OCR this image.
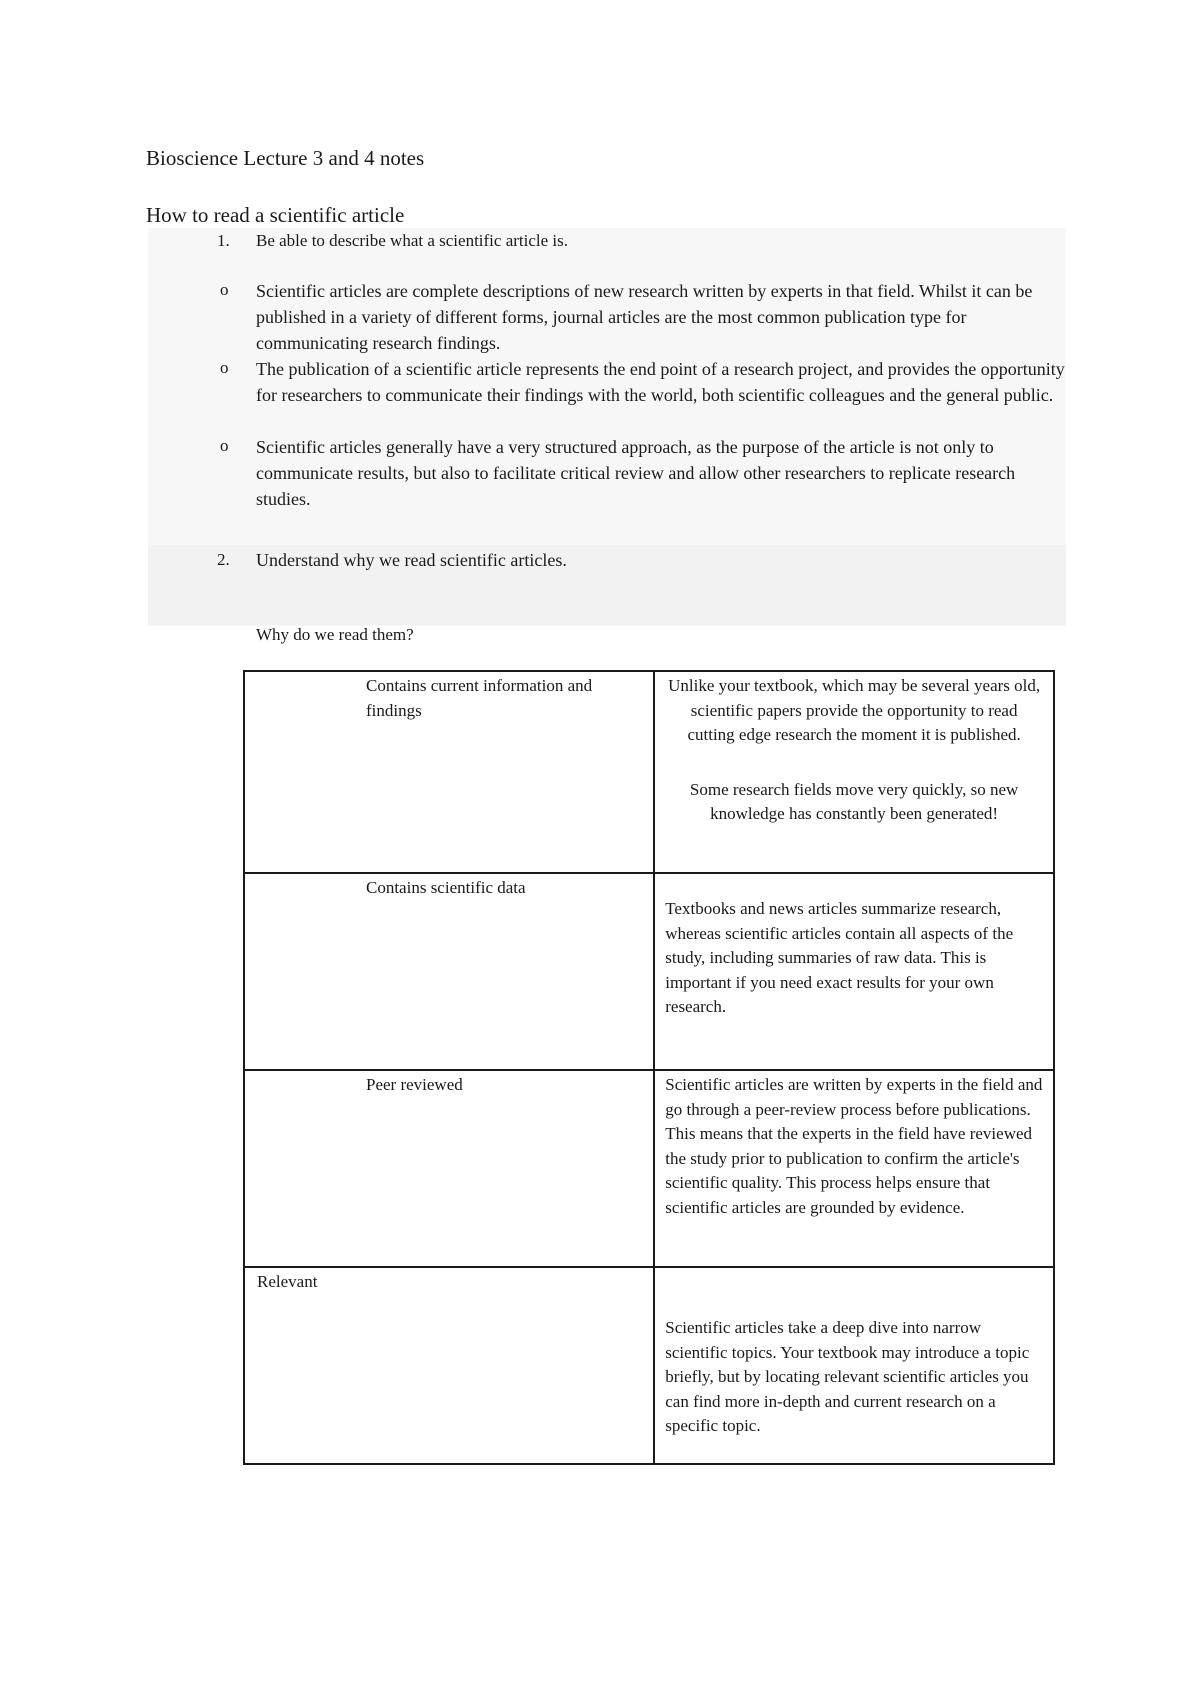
Bioscience Lecture 3 and 4 notes
How to read a scientific article
1. Be able to describe what a scientific article is.
o Scientific articles are complete descriptions of new research written by experts in that field. Whilst it can be published in a variety of different forms, journal articles are the most common publication type for communicating research findings.
o The publication of a scientific article represents the end point of a research project, and provides the opportunity for researchers to communicate their findings with the world, both scientific colleagues and the general public.
o Scientific articles generally have a very structured approach, as the purpose of the article is not only to communicate results, but also to facilitate critical review and allow other researchers to replicate research studies.
2. Understand why we read scientific articles.
Why do we read them?
Contains current information and findings	Unlike your textbook, which may be several years old, scientific papers provide the opportunity to read cutting edge research the moment it is published.
Some research fields move very quickly, so new knowledge has constantly been generated!

Contains scientific data	Textbooks and news articles summarize research, whereas scientific articles contain all aspects of the study, including summaries of raw data. This is important if you need exact results for your own research.

Peer reviewed	Scientific articles are written by experts in the field and go through a peer-review process before publications. This means that the experts in the field have reviewed the study prior to publication to confirm the article's scientific quality. This process helps ensure that scientific articles are grounded by evidence.

Relevant	Scientific articles take a deep dive into narrow scientific topics. Your textbook may introduce a topic briefly, but by locating relevant scientific articles you can find more in-depth and current research on a specific topic.
